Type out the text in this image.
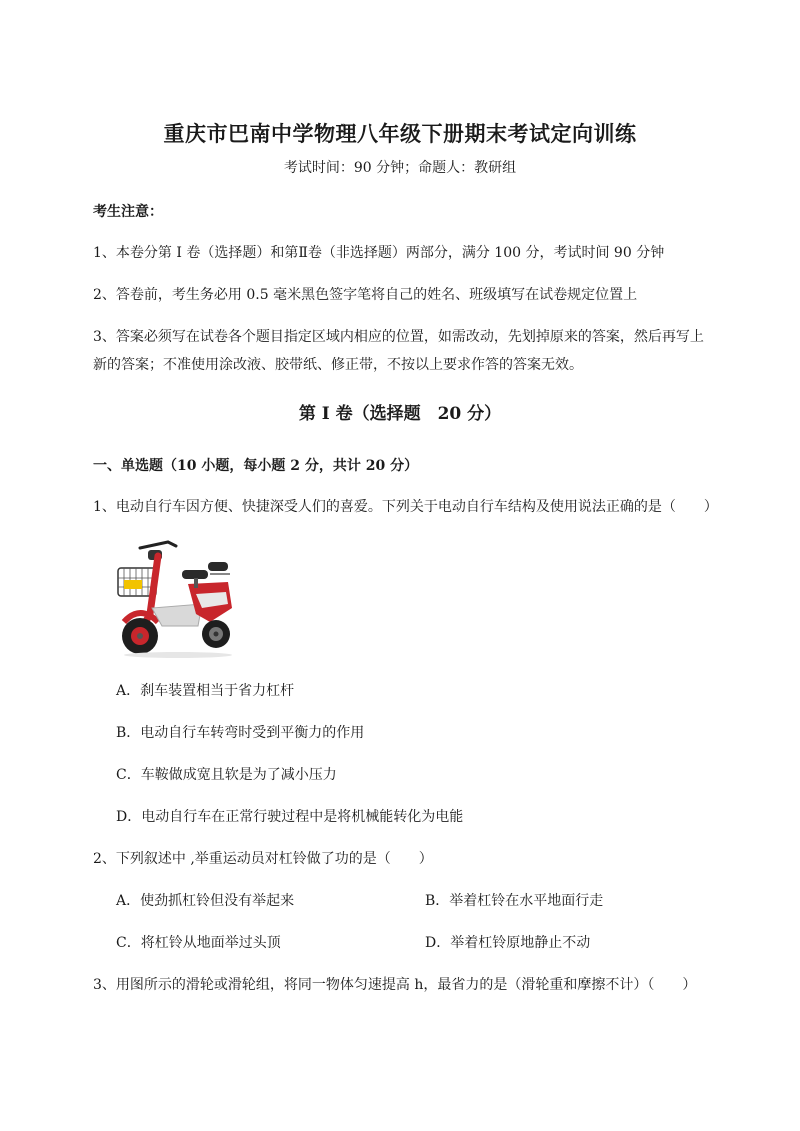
重庆市巴南中学物理八年级下册期末考试定向训练
考试时间：90 分钟；命题人：教研组
考生注意：
1、本卷分第 I 卷（选择题）和第Ⅱ卷（非选择题）两部分，满分 100 分，考试时间 90 分钟
2、答卷前，考生务必用 0.5 毫米黑色签字笔将自己的姓名、班级填写在试卷规定位置上
3、答案必须写在试卷各个题目指定区域内相应的位置，如需改动，先划掉原来的答案，然后再写上新的答案；不准使用涂改液、胶带纸、修正带，不按以上要求作答的答案无效。
第 I 卷（选择题　20 分）
一、单选题（10 小题，每小题 2 分，共计 20 分）
1、电动自行车因方便、快捷深受人们的喜爱。下列关于电动自行车结构及使用说法正确的是（　　）
A．刹车装置相当于省力杠杆
B．电动自行车转弯时受到平衡力的作用
C．车鞍做成宽且软是为了减小压力
D．电动自行车在正常行驶过程中是将机械能转化为电能
2、下列叙述中 ,举重运动员对杠铃做了功的是（　　）
A．使劲抓杠铃但没有举起来	B．举着杠铃在水平地面行走
C．将杠铃从地面举过头顶	D．举着杠铃原地静止不动
3、用图所示的滑轮或滑轮组，将同一物体匀速提高 h，最省力的是（滑轮重和摩擦不计）（　　）
